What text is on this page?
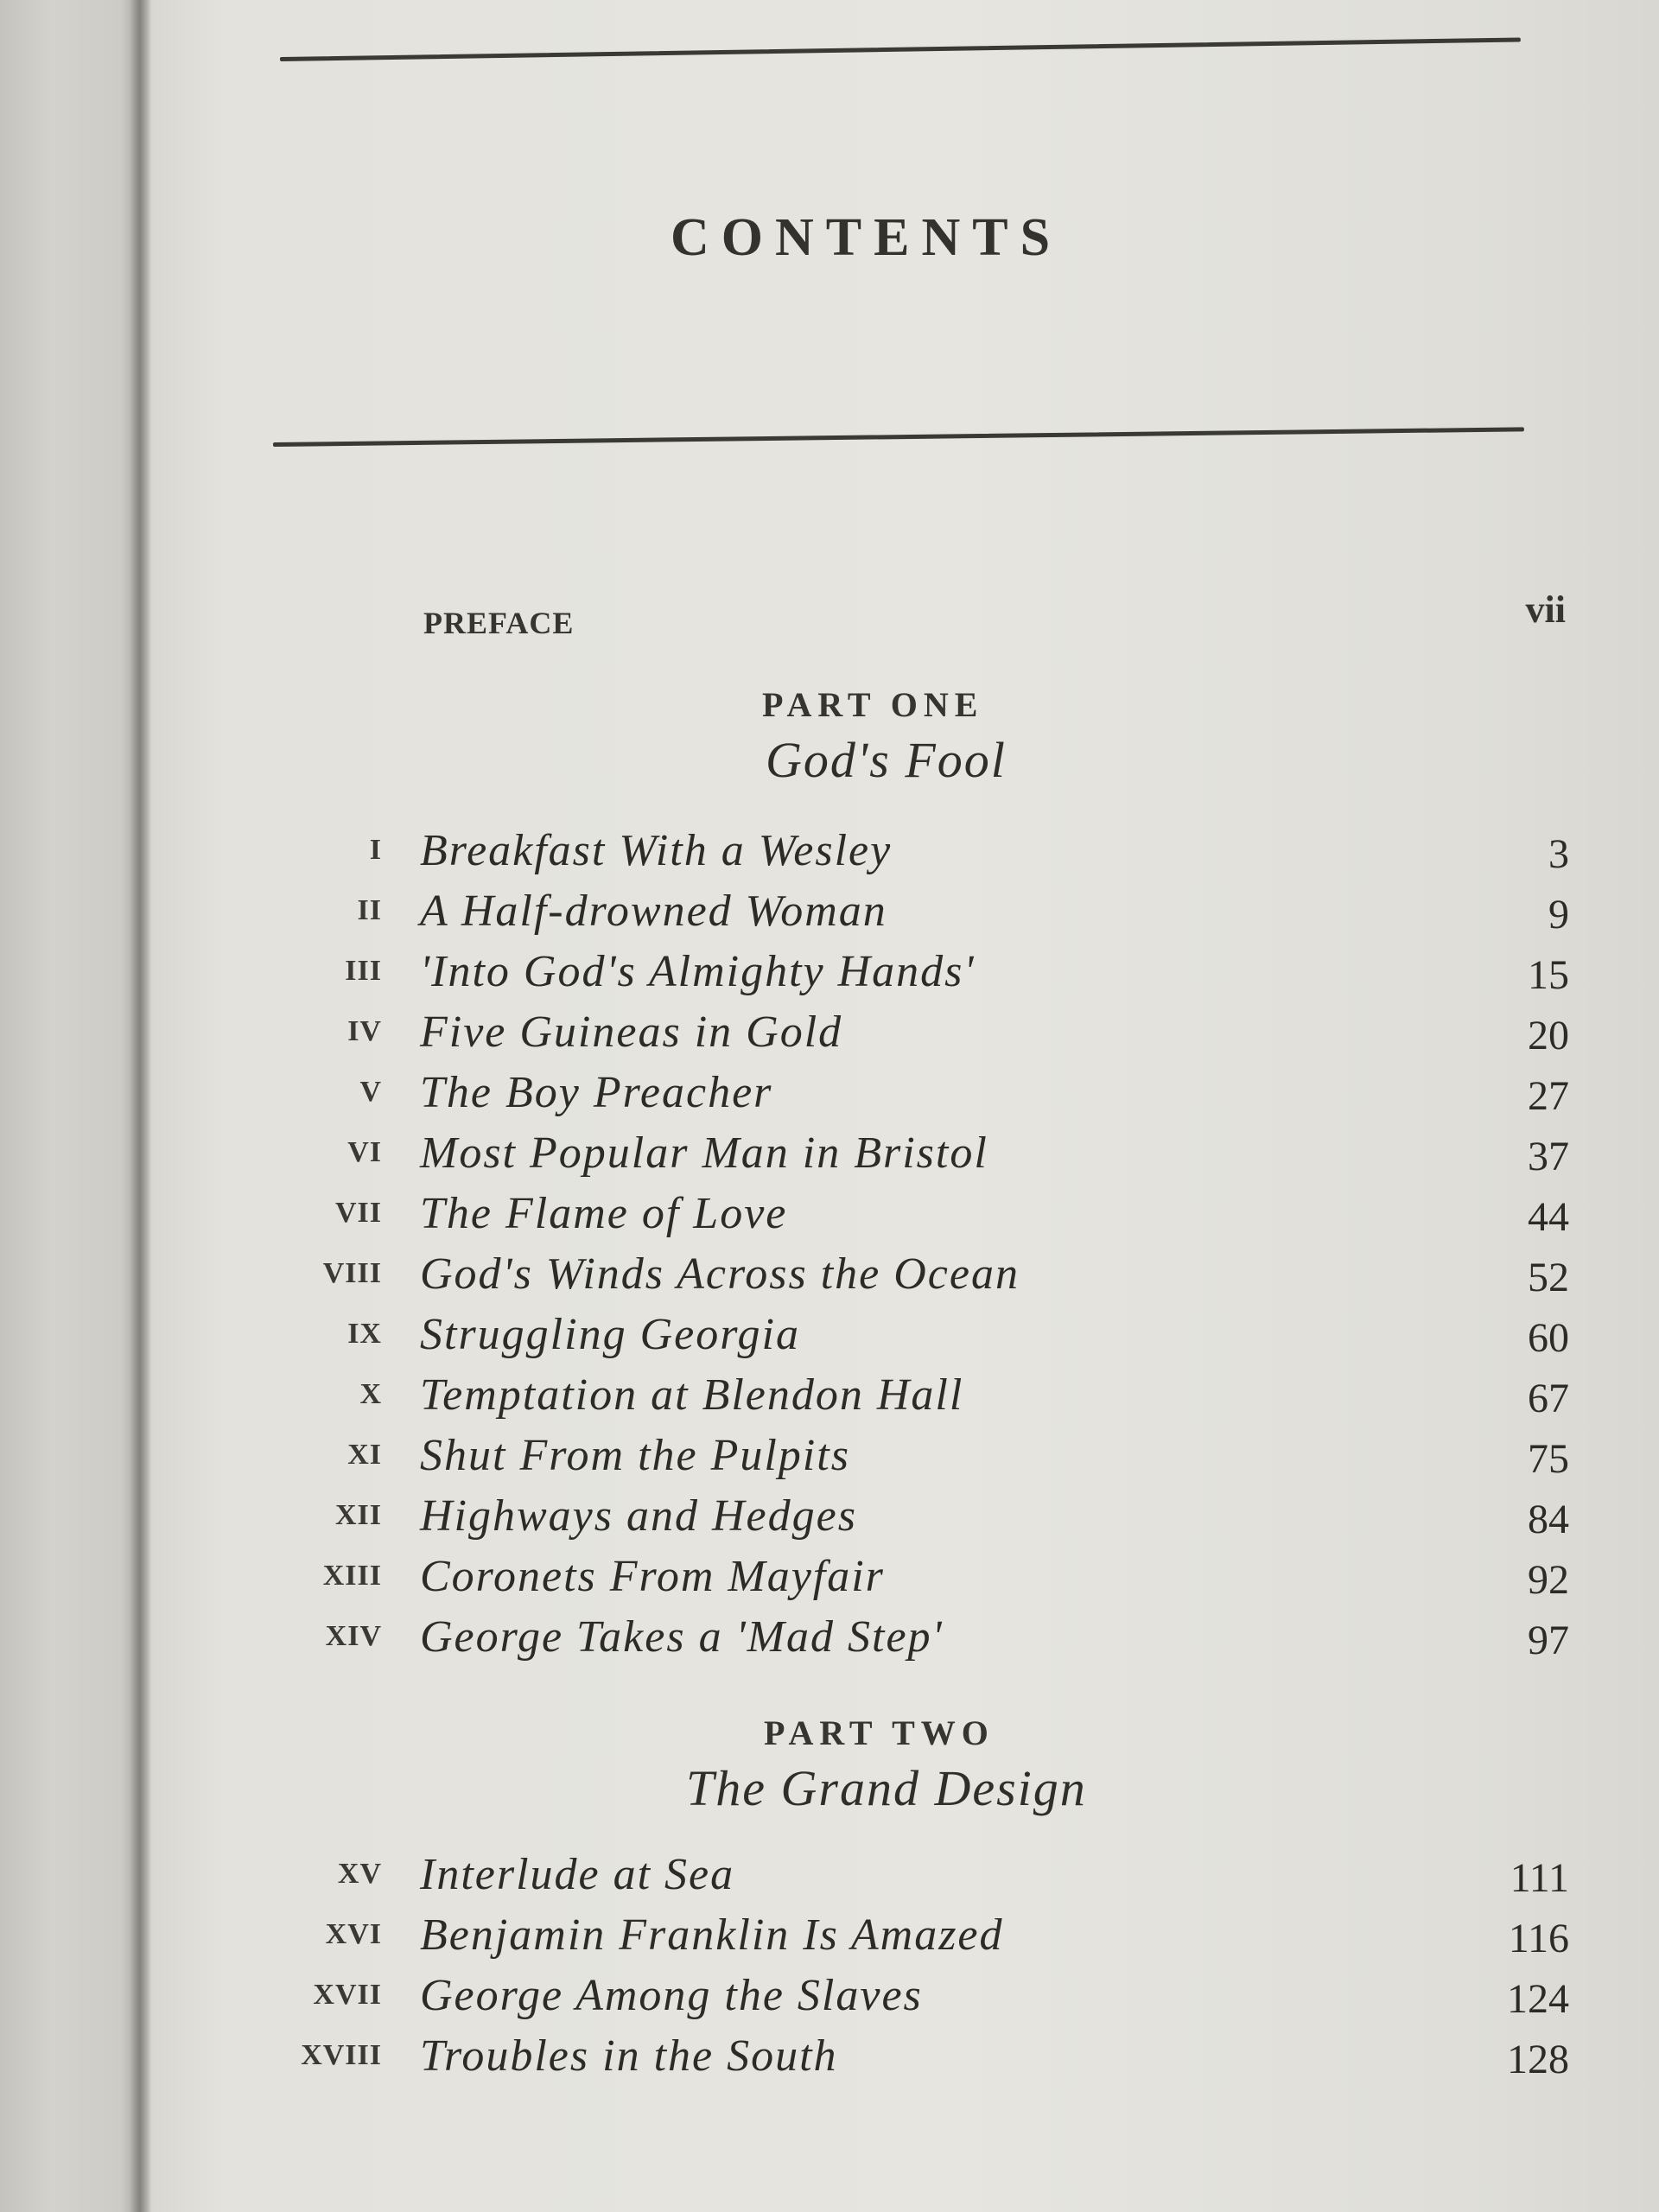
CONTENTS
PREFACE	vii
PART ONE
God's Fool
I Breakfast With a Wesley	3
II A Half-drowned Woman	9
III 'Into God's Almighty Hands'	15
IV Five Guineas in Gold	20
V The Boy Preacher	27
VI Most Popular Man in Bristol	37
VII The Flame of Love	44
VIII God's Winds Across the Ocean	52
IX Struggling Georgia	60
X Temptation at Blendon Hall	67
XI Shut From the Pulpits	75
XII Highways and Hedges	84
XIII Coronets From Mayfair	92
XIV George Takes a 'Mad Step'	97
PART TWO
The Grand Design
XV Interlude at Sea	111
XVI Benjamin Franklin Is Amazed	116
XVII George Among the Slaves	124
XVIII Troubles in the South	128
